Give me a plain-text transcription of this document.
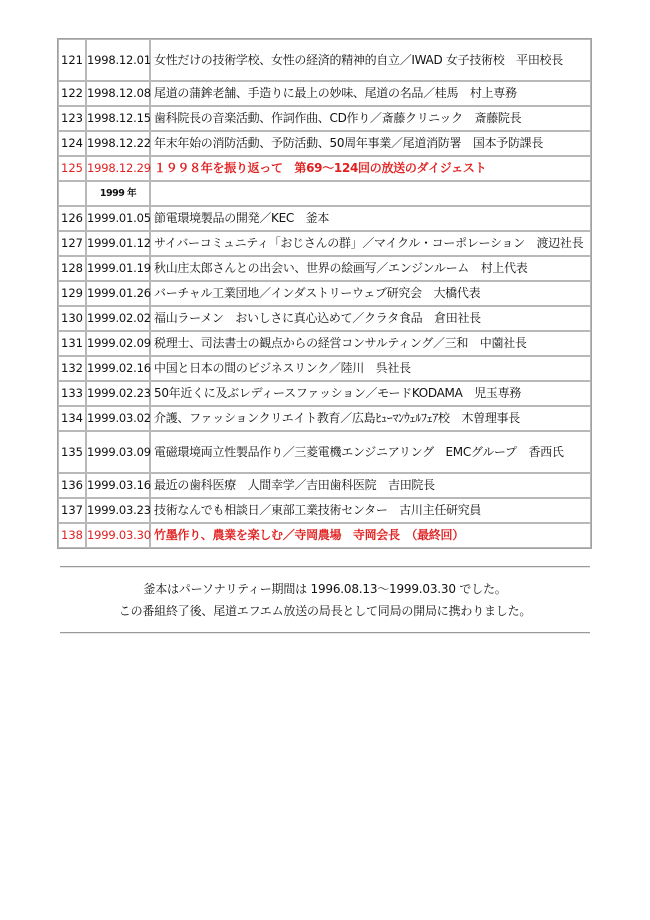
121	1998.12.01	女性だけの技術学校、女性の経済的精神的自立／IWAD 女子技術校　平田校長
122	1998.12.08	尾道の蒲鉾老舗、手造りに最上の妙味、尾道の名品／桂馬　村上専務
123	1998.12.15	歯科院長の音楽活動、作詞作曲、CD作り／斎藤クリニック　斎藤院長
124	1998.12.22	年末年始の消防活動、予防活動、50周年事業／尾道消防署　国本予防課長
125	1998.12.29	１９９８年を振り返って　第69～124回の放送のダイジェスト
	1999 年	
126	1999.01.05	節電環境製品の開発／KEC　釜本
127	1999.01.12	サイバーコミュニティ「おじさんの群」／マイクル・コーポレーション　渡辺社長
128	1999.01.19	秋山庄太郎さんとの出会い、世界の絵画写／エンジンルーム　村上代表
129	1999.01.26	バーチャル工業団地／インダストリーウェブ研究会　大橋代表
130	1999.02.02	福山ラーメン　おいしさに真心込めて／クラタ食品　倉田社長
131	1999.02.09	税理士、司法書士の観点からの経営コンサルティング／三和　中薗社長
132	1999.02.16	中国と日本の間のビジネスリンク／陸川　呉社長
133	1999.02.23	50年近くに及ぶレディースファッション／モードKODAMA　児玉専務
134	1999.03.02	介護、ファッションクリエイト教育／広島ﾋｭｰﾏﾝｳｪﾙﾌｪｱ校　木曽理事長
135	1999.03.09	電磁環境両立性製品作り／三菱電機エンジニアリング　EMCグループ　香西氏
136	1999.03.16	最近の歯科医療　人間幸学／吉田歯科医院　吉田院長
137	1999.03.23	技術なんでも相談日／東部工業技術センター　古川主任研究員
138	1999.03.30	竹墨作り、農業を楽しむ／寺岡農場　寺岡会長　（最終回）
釜本はパーソナリティー期間は 1996.08.13～1999.03.30 でした。
この番組終了後、尾道エフエム放送の局長として同局の開局に携わりました。
